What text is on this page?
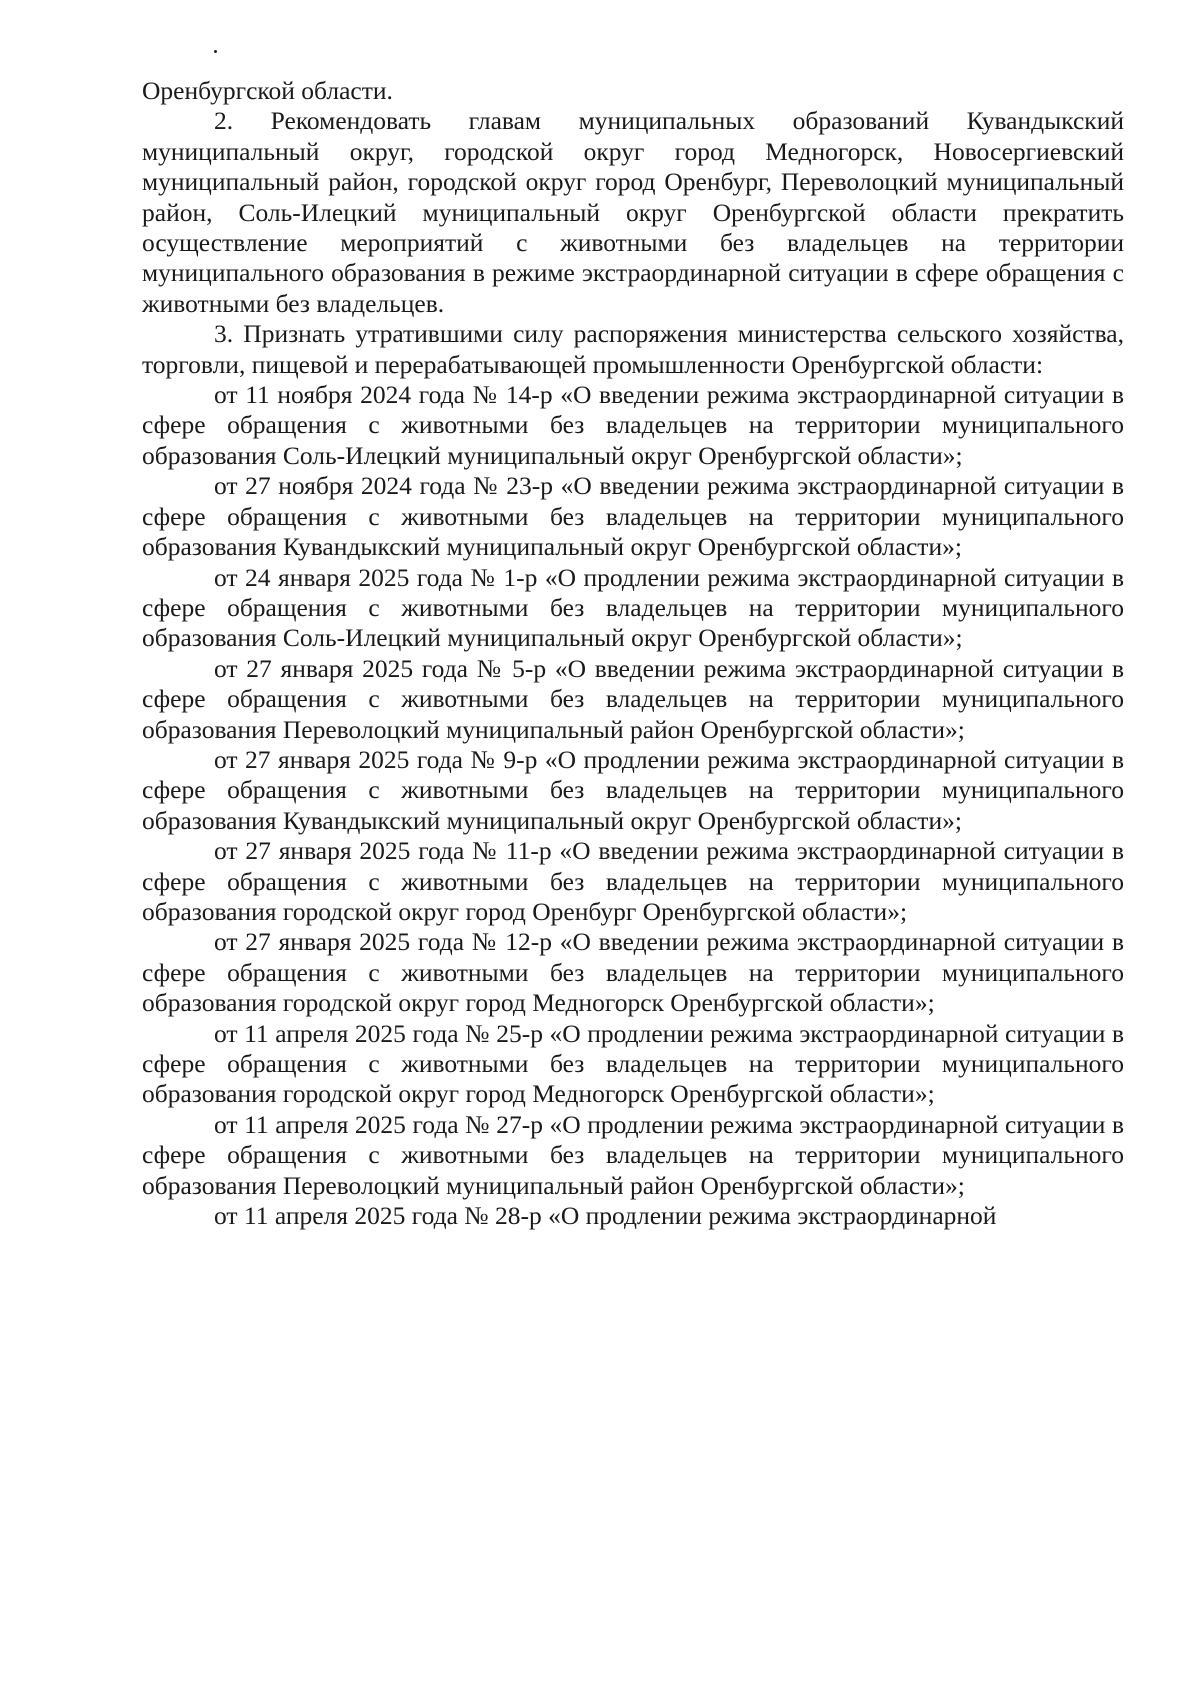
Оренбургской области.

2. Рекомендовать главам муниципальных образований Кувандыкский муниципальный округ, городской округ город Медногорск, Новосергиевский муниципальный район, городской округ город Оренбург, Переволоцкий муниципальный район, Соль-Илецкий муниципальный округ Оренбургской области прекратить осуществление мероприятий с животными без владельцев на территории муниципального образования в режиме экстраординарной ситуации в сфере обращения с животными без владельцев.

3. Признать утратившими силу распоряжения министерства сельского хозяйства, торговли, пищевой и перерабатывающей промышленности Оренбургской области:

от 11 ноября 2024 года № 14-р «О введении режима экстраординарной ситуации в сфере обращения с животными без владельцев на территории муниципального образования Соль-Илецкий муниципальный округ Оренбургской области»;

от 27 ноября 2024 года № 23-р «О введении режима экстраординарной ситуации в сфере обращения с животными без владельцев на территории муниципального образования Кувандыкский муниципальный округ Оренбургской области»;

от 24 января 2025 года № 1-р «О продлении режима экстраординарной ситуации в сфере обращения с животными без владельцев на территории муниципального образования Соль-Илецкий муниципальный округ Оренбургской области»;

от 27 января 2025 года № 5-р «О введении режима экстраординарной ситуации в сфере обращения с животными без владельцев на территории муниципального образования Переволоцкий муниципальный район Оренбургской области»;

от 27 января 2025 года № 9-р «О продлении режима экстраординарной ситуации в сфере обращения с животными без владельцев на территории муниципального образования Кувандыкский муниципальный округ Оренбургской области»;

от 27 января 2025 года № 11-р «О введении режима экстраординарной ситуации в сфере обращения с животными без владельцев на территории муниципального образования городской округ город Оренбург Оренбургской области»;

от 27 января 2025 года № 12-р «О введении режима экстраординарной ситуации в сфере обращения с животными без владельцев на территории муниципального образования городской округ город Медногорск Оренбургской области»;

от 11 апреля 2025 года № 25-р «О продлении режима экстраординарной ситуации в сфере обращения с животными без владельцев на территории муниципального образования городской округ город Медногорск Оренбургской области»;

от 11 апреля 2025 года № 27-р «О продлении режима экстраординарной ситуации в сфере обращения с животными без владельцев на территории муниципального образования Переволоцкий муниципальный район Оренбургской области»;

от 11 апреля 2025 года № 28-р «О продлении режима экстраординарной
